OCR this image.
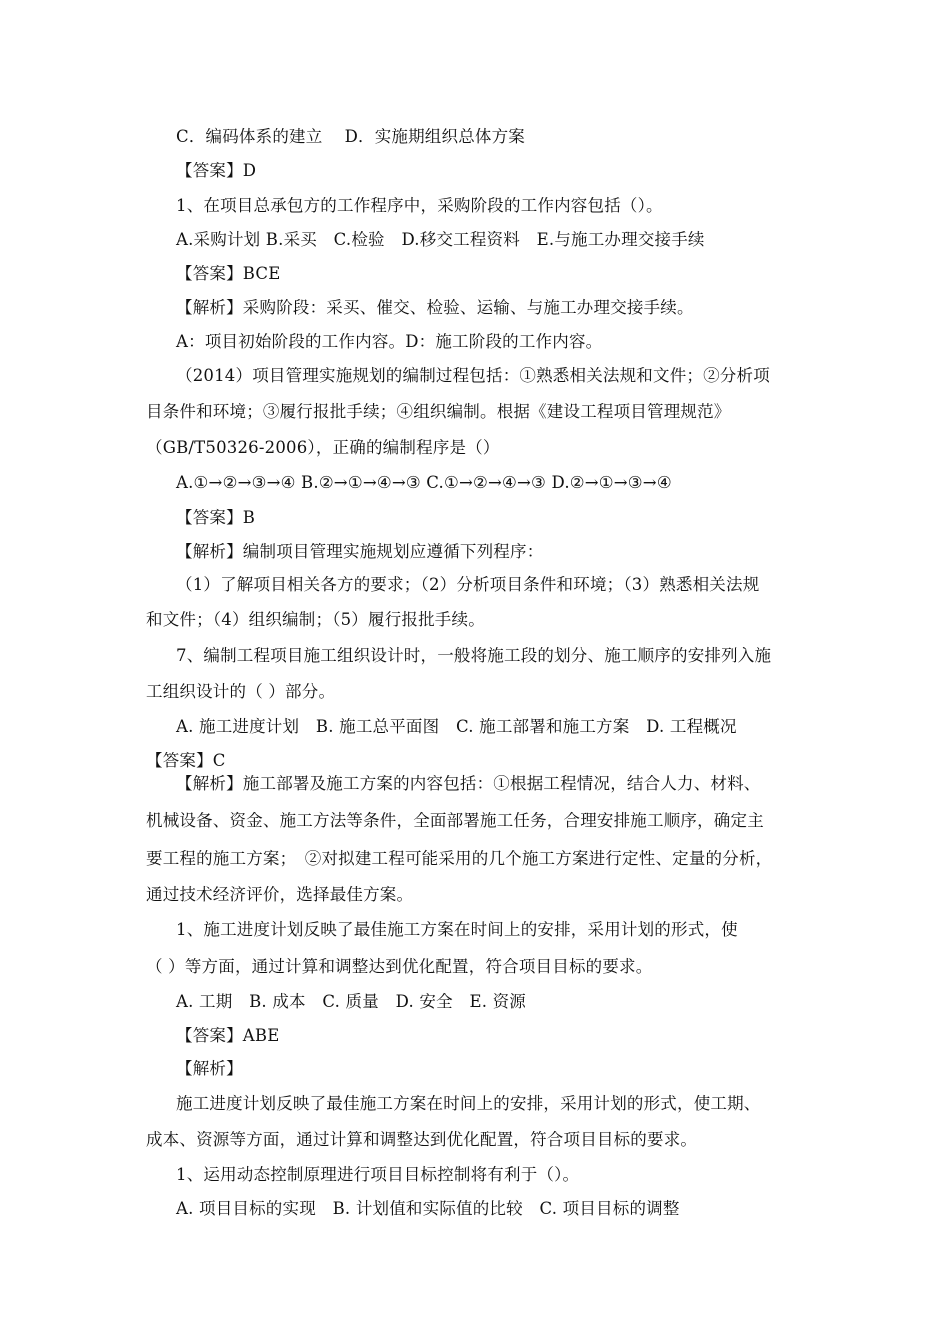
C．编码体系的建立　 D．实施期组织总体方案
【答案】D
1、在项目总承包方的工作程序中，采购阶段的工作内容包括（）。
A.采购计划 B.采买　C.检验　D.移交工程资料　E.与施工办理交接手续
【答案】BCE
【解析】采购阶段：采买、催交、检验、运输、与施工办理交接手续。
A：项目初始阶段的工作内容。D：施工阶段的工作内容。
（2014）项目管理实施规划的编制过程包括：①熟悉相关法规和文件；②分析项
目条件和环境；③履行报批手续；④组织编制。根据《建设工程项目管理规范》
（GB/T50326-2006），正确的编制程序是（）
A.①→②→③→④ B.②→①→④→③ C.①→②→④→③ D.②→①→③→④
【答案】B
【解析】编制项目管理实施规划应遵循下列程序：
（1）了解项目相关各方的要求；（2）分析项目条件和环境；（3）熟悉相关法规
和文件；（4）组织编制；（5）履行报批手续。
7、编制工程项目施工组织设计时，一般将施工段的划分、施工顺序的安排列入施
工组织设计的（ ）部分。
A. 施工进度计划　B. 施工总平面图　C. 施工部署和施工方案　D. 工程概况
【答案】C
【解析】施工部署及施工方案的内容包括：①根据工程情况，结合人力、材料、
机械设备、资金、施工方法等条件，全面部署施工任务，合理安排施工顺序，确定主
要工程的施工方案；　②对拟建工程可能采用的几个施工方案进行定性、定量的分析，
通过技术经济评价，选择最佳方案。
1、施工进度计划反映了最佳施工方案在时间上的安排，采用计划的形式，使
（ ）等方面，通过计算和调整达到优化配置，符合项目目标的要求。
A. 工期　B. 成本　C. 质量　D. 安全　E. 资源
【答案】ABE
【解析】
施工进度计划反映了最佳施工方案在时间上的安排，采用计划的形式，使工期、
成本、资源等方面，通过计算和调整达到优化配置，符合项目目标的要求。
1、运用动态控制原理进行项目目标控制将有利于（）。
A. 项目目标的实现　B. 计划值和实际值的比较　C. 项目目标的调整
